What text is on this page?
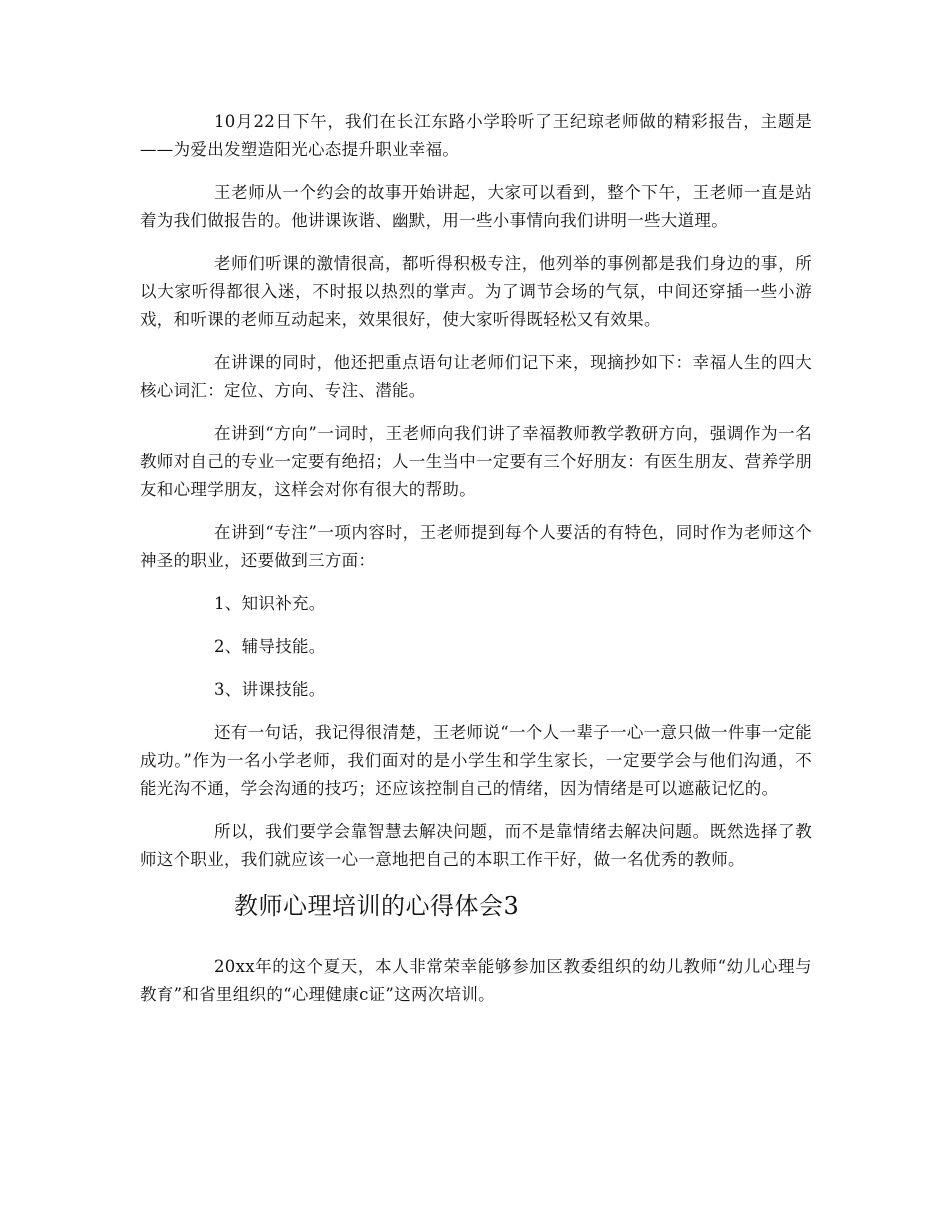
10月22日下午，我们在长江东路小学聆听了王纪琼老师做的精彩报告，主题是——为爱出发塑造阳光心态提升职业幸福。

王老师从一个约会的故事开始讲起，大家可以看到，整个下午，王老师一直是站着为我们做报告的。他讲课诙谐、幽默，用一些小事情向我们讲明一些大道理。

老师们听课的激情很高，都听得积极专注，他列举的事例都是我们身边的事，所以大家听得都很入迷，不时报以热烈的掌声。为了调节会场的气氛，中间还穿插一些小游戏，和听课的老师互动起来，效果很好，使大家听得既轻松又有效果。

在讲课的同时，他还把重点语句让老师们记下来，现摘抄如下：幸福人生的四大核心词汇：定位、方向、专注、潜能。

在讲到“方向”一词时，王老师向我们讲了幸福教师教学教研方向，强调作为一名教师对自己的专业一定要有绝招；人一生当中一定要有三个好朋友：有医生朋友、营养学朋友和心理学朋友，这样会对你有很大的帮助。

在讲到“专注”一项内容时，王老师提到每个人要活的有特色，同时作为老师这个神圣的职业，还要做到三方面：

1、知识补充。

2、辅导技能。

3、讲课技能。

还有一句话，我记得很清楚，王老师说“一个人一辈子一心一意只做一件事一定能成功。”作为一名小学老师，我们面对的是小学生和学生家长，一定要学会与他们沟通，不能光沟不通，学会沟通的技巧；还应该控制自己的情绪，因为情绪是可以遮蔽记忆的。

所以，我们要学会靠智慧去解决问题，而不是靠情绪去解决问题。既然选择了教师这个职业，我们就应该一心一意地把自己的本职工作干好，做一名优秀的教师。

教师心理培训的心得体会3

20xx年的这个夏天，本人非常荣幸能够参加区教委组织的幼儿教师“幼儿心理与教育”和省里组织的“心理健康c证”这两次培训。
